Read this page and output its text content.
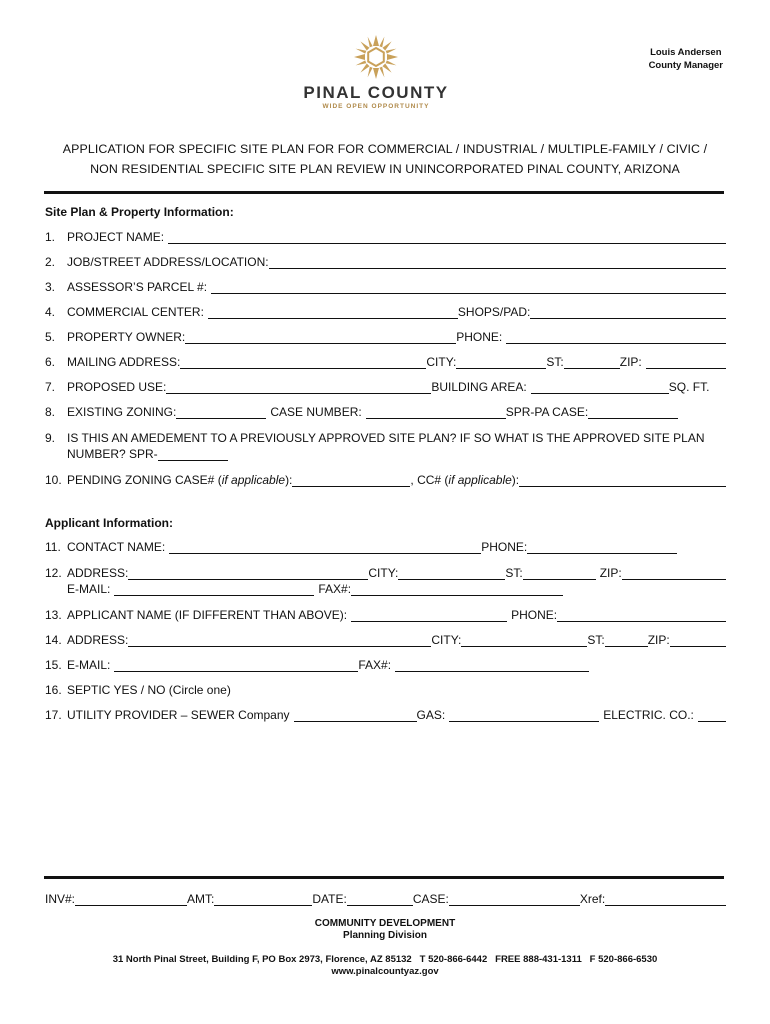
Louis Andersen
County Manager
PINAL COUNTY
WIDE OPEN OPPORTUNITY
APPLICATION FOR SPECIFIC SITE PLAN FOR FOR COMMERCIAL / INDUSTRIAL / MULTIPLE-FAMILY / CIVIC /
NON RESIDENTIAL SPECIFIC SITE PLAN REVIEW IN UNINCORPORATED PINAL COUNTY, ARIZONA
Site Plan & Property Information:
1. PROJECT NAME:
2. JOB/STREET ADDRESS/LOCATION:
3. ASSESSOR’S PARCEL #:
4. COMMERCIAL CENTER:	SHOPS/PAD:
5. PROPERTY OWNER:	PHONE:
6. MAILING ADDRESS:	CITY:	ST:	ZIP:
7. PROPOSED USE:	BUILDING AREA:	SQ. FT.
8. EXISTING ZONING:	CASE NUMBER:	SPR-PA CASE:
9. IS THIS AN AMEDEMENT TO A PREVIOUSLY APPROVED SITE PLAN? IF SO WHAT IS THE APPROVED SITE PLAN
NUMBER? SPR-
10. PENDING ZONING CASE# (if applicable):	, CC# (if applicable):
Applicant Information:
11. CONTACT NAME:	PHONE:
12. ADDRESS:	CITY:	ST:	ZIP:
E-MAIL:	FAX#:
13. APPLICANT NAME (IF DIFFERENT THAN ABOVE):	PHONE:
14. ADDRESS:	CITY:	ST:	ZIP:
15. E-MAIL:	FAX#:
16. SEPTIC YES / NO (Circle one)
17. UTILITY PROVIDER – SEWER Company	GAS:	ELECTRIC. CO.:
INV#:	AMT:	DATE:	CASE:	Xref:
COMMUNITY DEVELOPMENT
Planning Division
31 North Pinal Street, Building F, PO Box 2973, Florence, AZ 85132   T 520-866-6442   FREE 888-431-1311   F 520-866-6530
www.pinalcountyaz.gov
